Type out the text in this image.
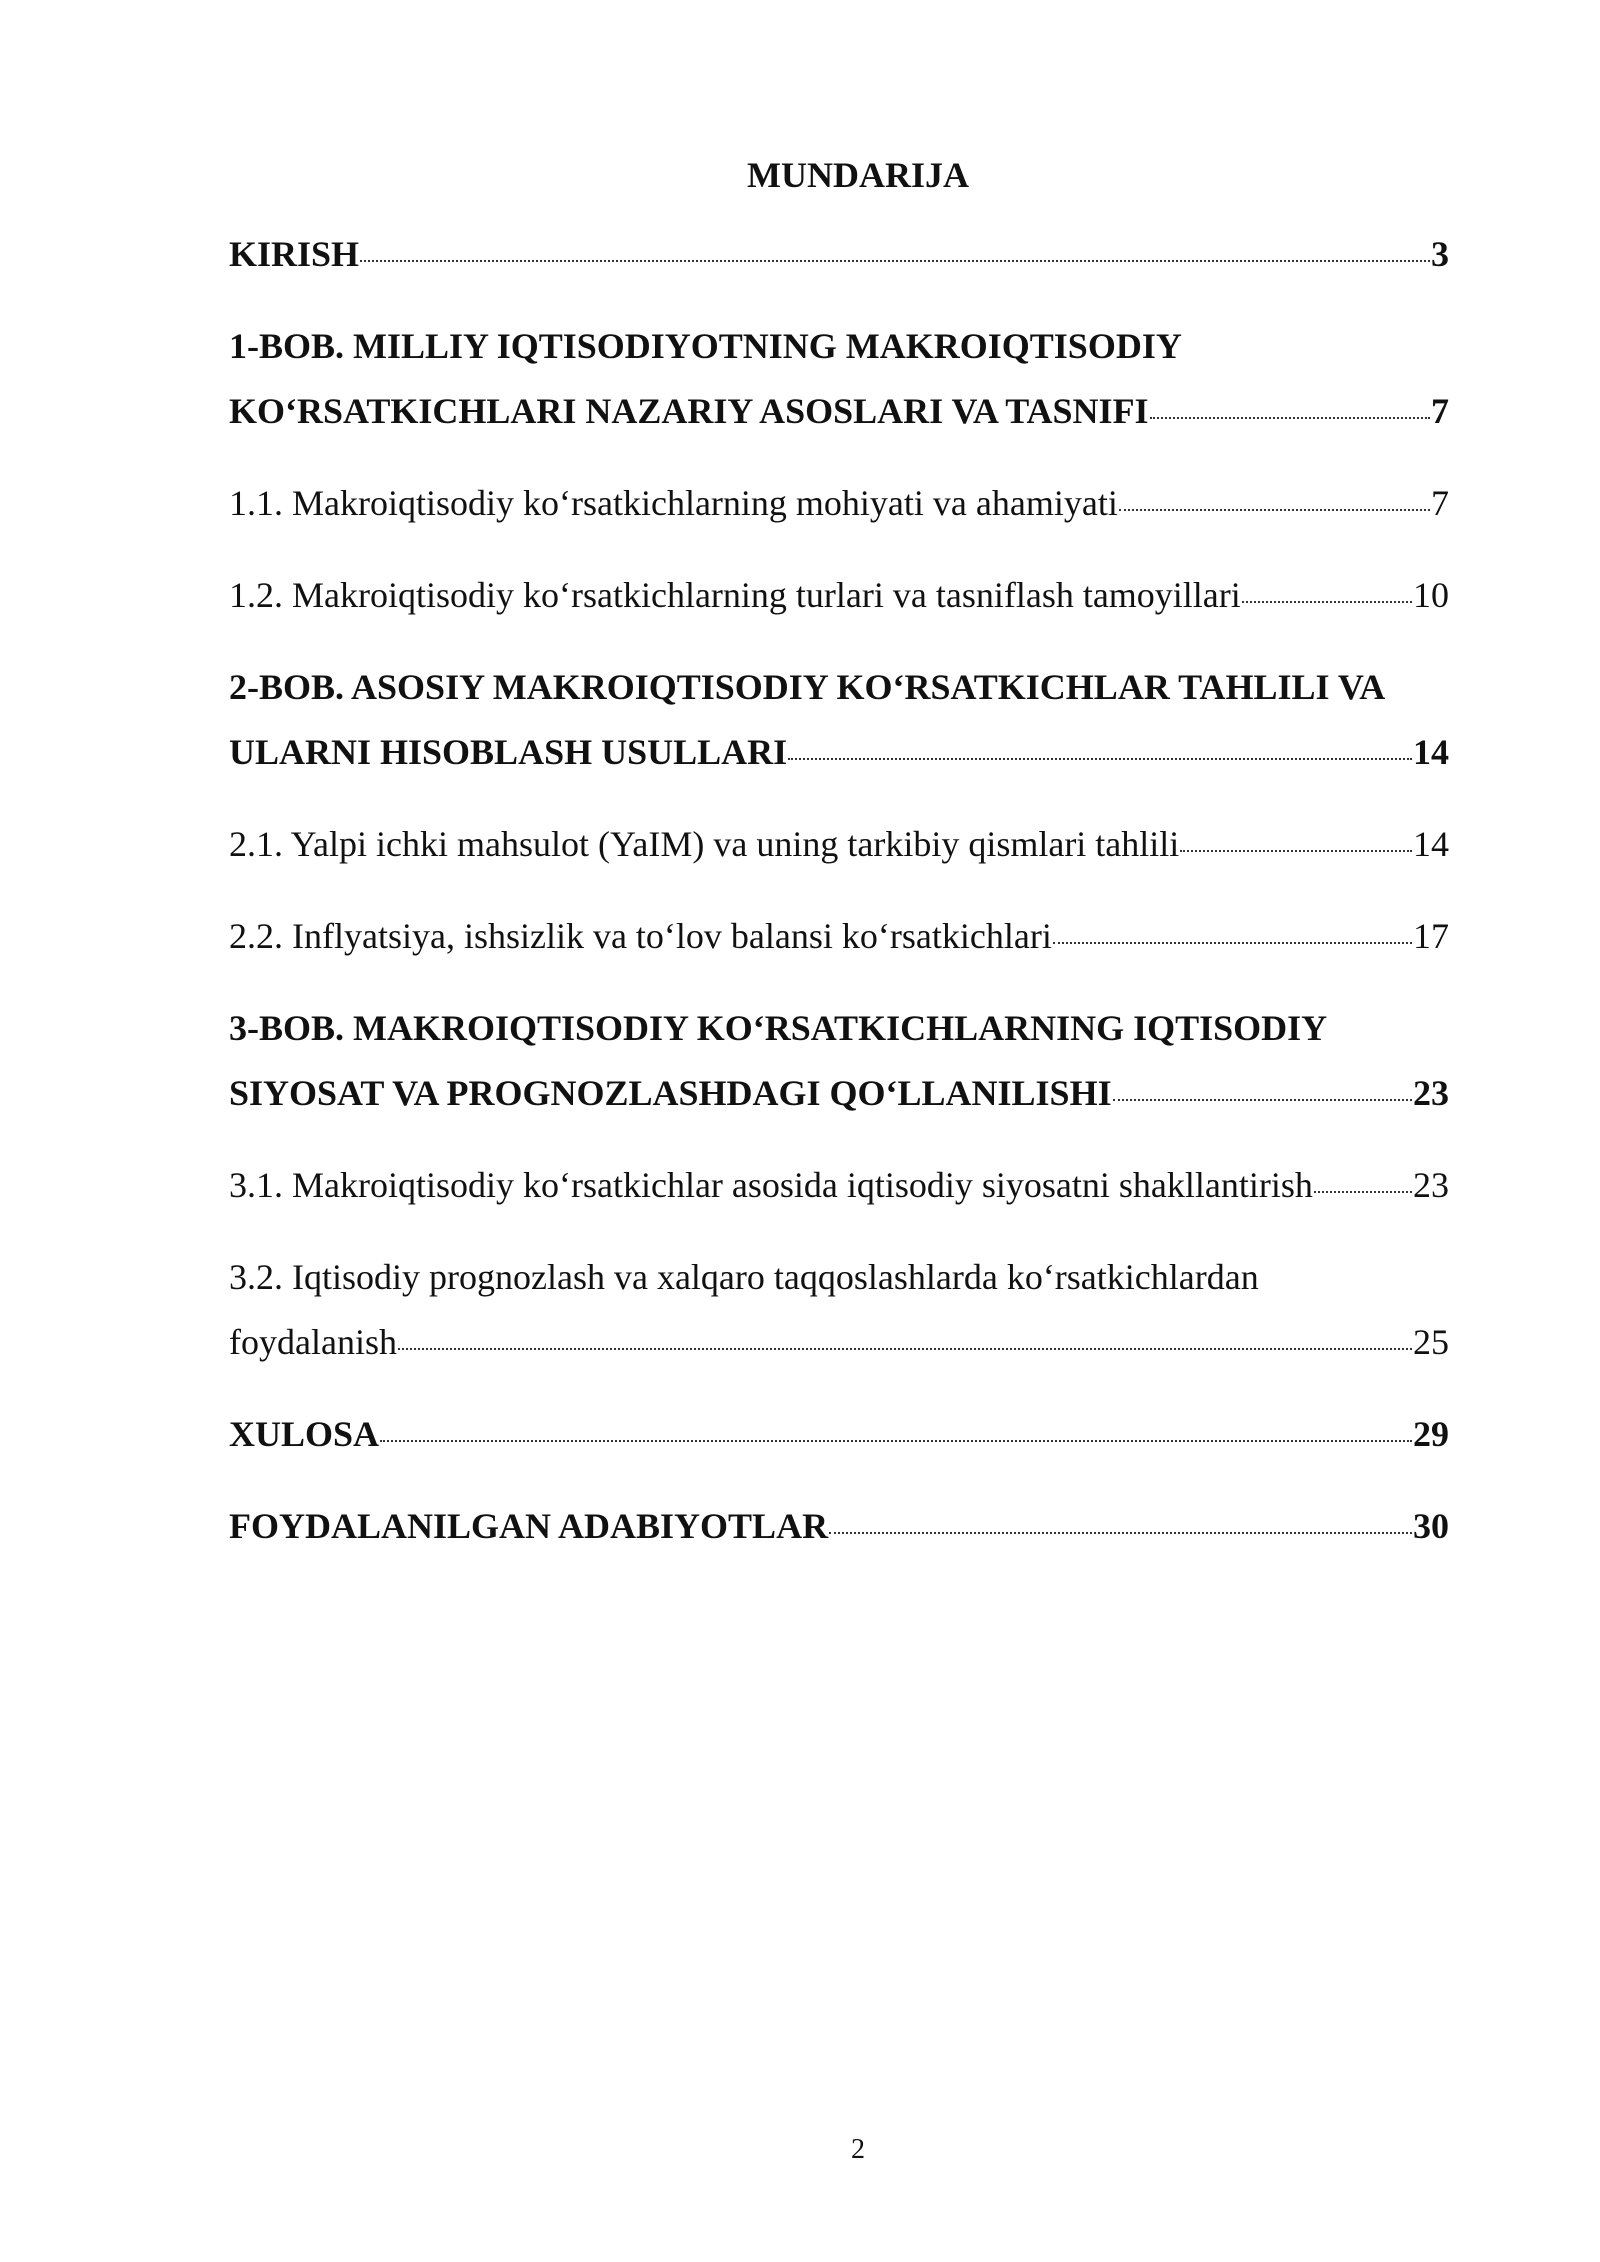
MUNDARIJA
KIRISH	3
1-BOB. MILLIY IQTISODIYOTNING MAKROIQTISODIY
KO‘RSATKICHLARI NAZARIY ASOSLARI VA TASNIFI	7
1.1. Makroiqtisodiy ko‘rsatkichlarning mohiyati va ahamiyati	7
1.2. Makroiqtisodiy ko‘rsatkichlarning turlari va tasniflash tamoyillari	10
2-BOB. ASOSIY MAKROIQTISODIY KO‘RSATKICHLAR TAHLILI VA
ULARNI HISOBLASH USULLARI	14
2.1. Yalpi ichki mahsulot (YaIM) va uning tarkibiy qismlari tahlili	14
2.2. Inflyatsiya, ishsizlik va to‘lov balansi ko‘rsatkichlari	17
3-BOB. MAKROIQTISODIY KO‘RSATKICHLARNING IQTISODIY
SIYOSAT VA PROGNOZLASHDAGI QO‘LLANILISHI	23
3.1. Makroiqtisodiy ko‘rsatkichlar asosida iqtisodiy siyosatni shakllantirish	23
3.2. Iqtisodiy prognozlash va xalqaro taqqoslashlarda ko‘rsatkichlardan
foydalanish	25
XULOSA	29
FOYDALANILGAN ADABIYOTLAR	30
2
